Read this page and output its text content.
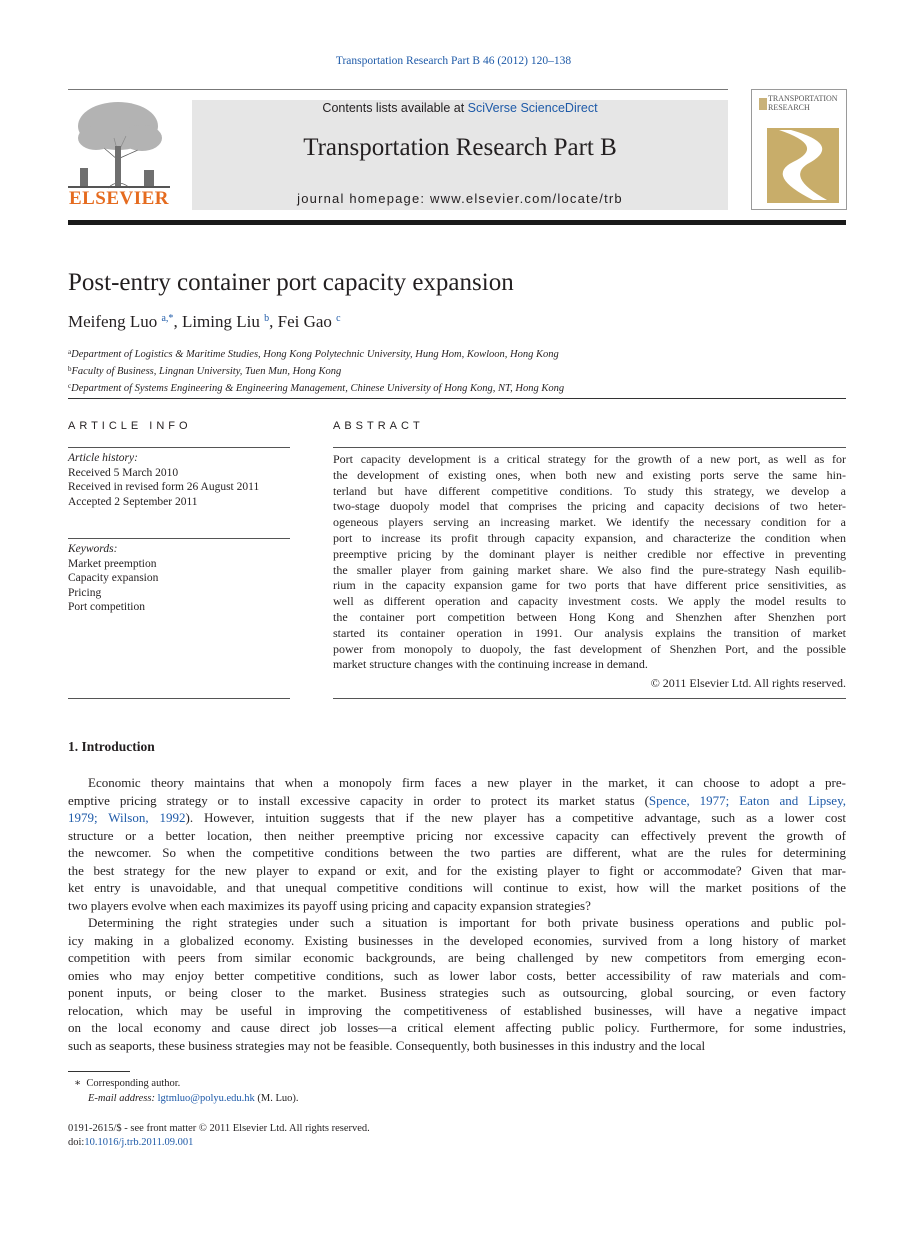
Transportation Research Part B 46 (2012) 120–138
ELSEVIER
Contents lists available at SciVerse ScienceDirect
Transportation Research Part B
journal homepage: www.elsevier.com/locate/trb
TRANSPORTATION
RESEARCH
Post-entry container port capacity expansion
Meifeng Luo $^{a,*}$, Liming Liu $^b$, Fei Gao $^c$
$^a$Department of Logistics & Maritime Studies, Hong Kong Polytechnic University, Hung Hom, Kowloon, Hong Kong
$^b$Faculty of Business, Lingnan University, Tuen Mun, Hong Kong
$^c$Department of Systems Engineering & Engineering Management, Chinese University of Hong Kong, NT, Hong Kong
ARTICLE INFO
Article history:
Received 5 March 2010
Received in revised form 26 August 2011
Accepted 2 September 2011
Keywords:
Market preemption
Capacity expansion
Pricing
Port competition
ABSTRACT
Port capacity development is a critical strategy for the growth of a new port, as well as for
the development of existing ones, when both new and existing ports serve the same hin-
terland but have different competitive conditions. To study this strategy, we develop a
two-stage duopoly model that comprises the pricing and capacity decisions of two heter-
ogeneous players serving an increasing market. We identify the necessary condition for a
port to increase its profit through capacity expansion, and characterize the condition when
preemptive pricing by the dominant player is neither credible nor effective in preventing
the smaller player from gaining market share. We also find the pure-strategy Nash equilib-
rium in the capacity expansion game for two ports that have different price sensitivities, as
well as different operation and capacity investment costs. We apply the model results to
the container port competition between Hong Kong and Shenzhen after Shenzhen port
started its container operation in 1991. Our analysis explains the transition of market
power from monopoly to duopoly, the fast development of Shenzhen Port, and the possible
market structure changes with the continuing increase in demand.
© 2011 Elsevier Ltd. All rights reserved.
1. Introduction
Economic theory maintains that when a monopoly firm faces a new player in the market, it can choose to adopt a pre-
emptive pricing strategy or to install excessive capacity in order to protect its market status (Spence, 1977; Eaton and Lipsey,
1979; Wilson, 1992). However, intuition suggests that if the new player has a competitive advantage, such as a lower cost
structure or a better location, then neither preemptive pricing nor excessive capacity can effectively prevent the growth of
the newcomer. So when the competitive conditions between the two parties are different, what are the rules for determining
the best strategy for the new player to expand or exit, and for the existing player to fight or accommodate? Given that mar-
ket entry is unavoidable, and that unequal competitive conditions will continue to exist, how will the market positions of the
two players evolve when each maximizes its payoff using pricing and capacity expansion strategies?
Determining the right strategies under such a situation is important for both private business operations and public pol-
icy making in a globalized economy. Existing businesses in the developed economies, survived from a long history of market
competition with peers from similar economic backgrounds, are being challenged by new competitors from emerging econ-
omies who may enjoy better competitive conditions, such as lower labor costs, better accessibility of raw materials and com-
ponent inputs, or being closer to the market. Business strategies such as outsourcing, global sourcing, or even factory
relocation, which may be useful in improving the competitiveness of established businesses, will have a negative impact
on the local economy and cause direct job losses—a critical element affecting public policy. Furthermore, for some industries,
such as seaports, these business strategies may not be feasible. Consequently, both businesses in this industry and the local
∗  Corresponding author.
E-mail address: lgtmluo@polyu.edu.hk (M. Luo).
0191-2615/$ - see front matter © 2011 Elsevier Ltd. All rights reserved.
doi:10.1016/j.trb.2011.09.001
